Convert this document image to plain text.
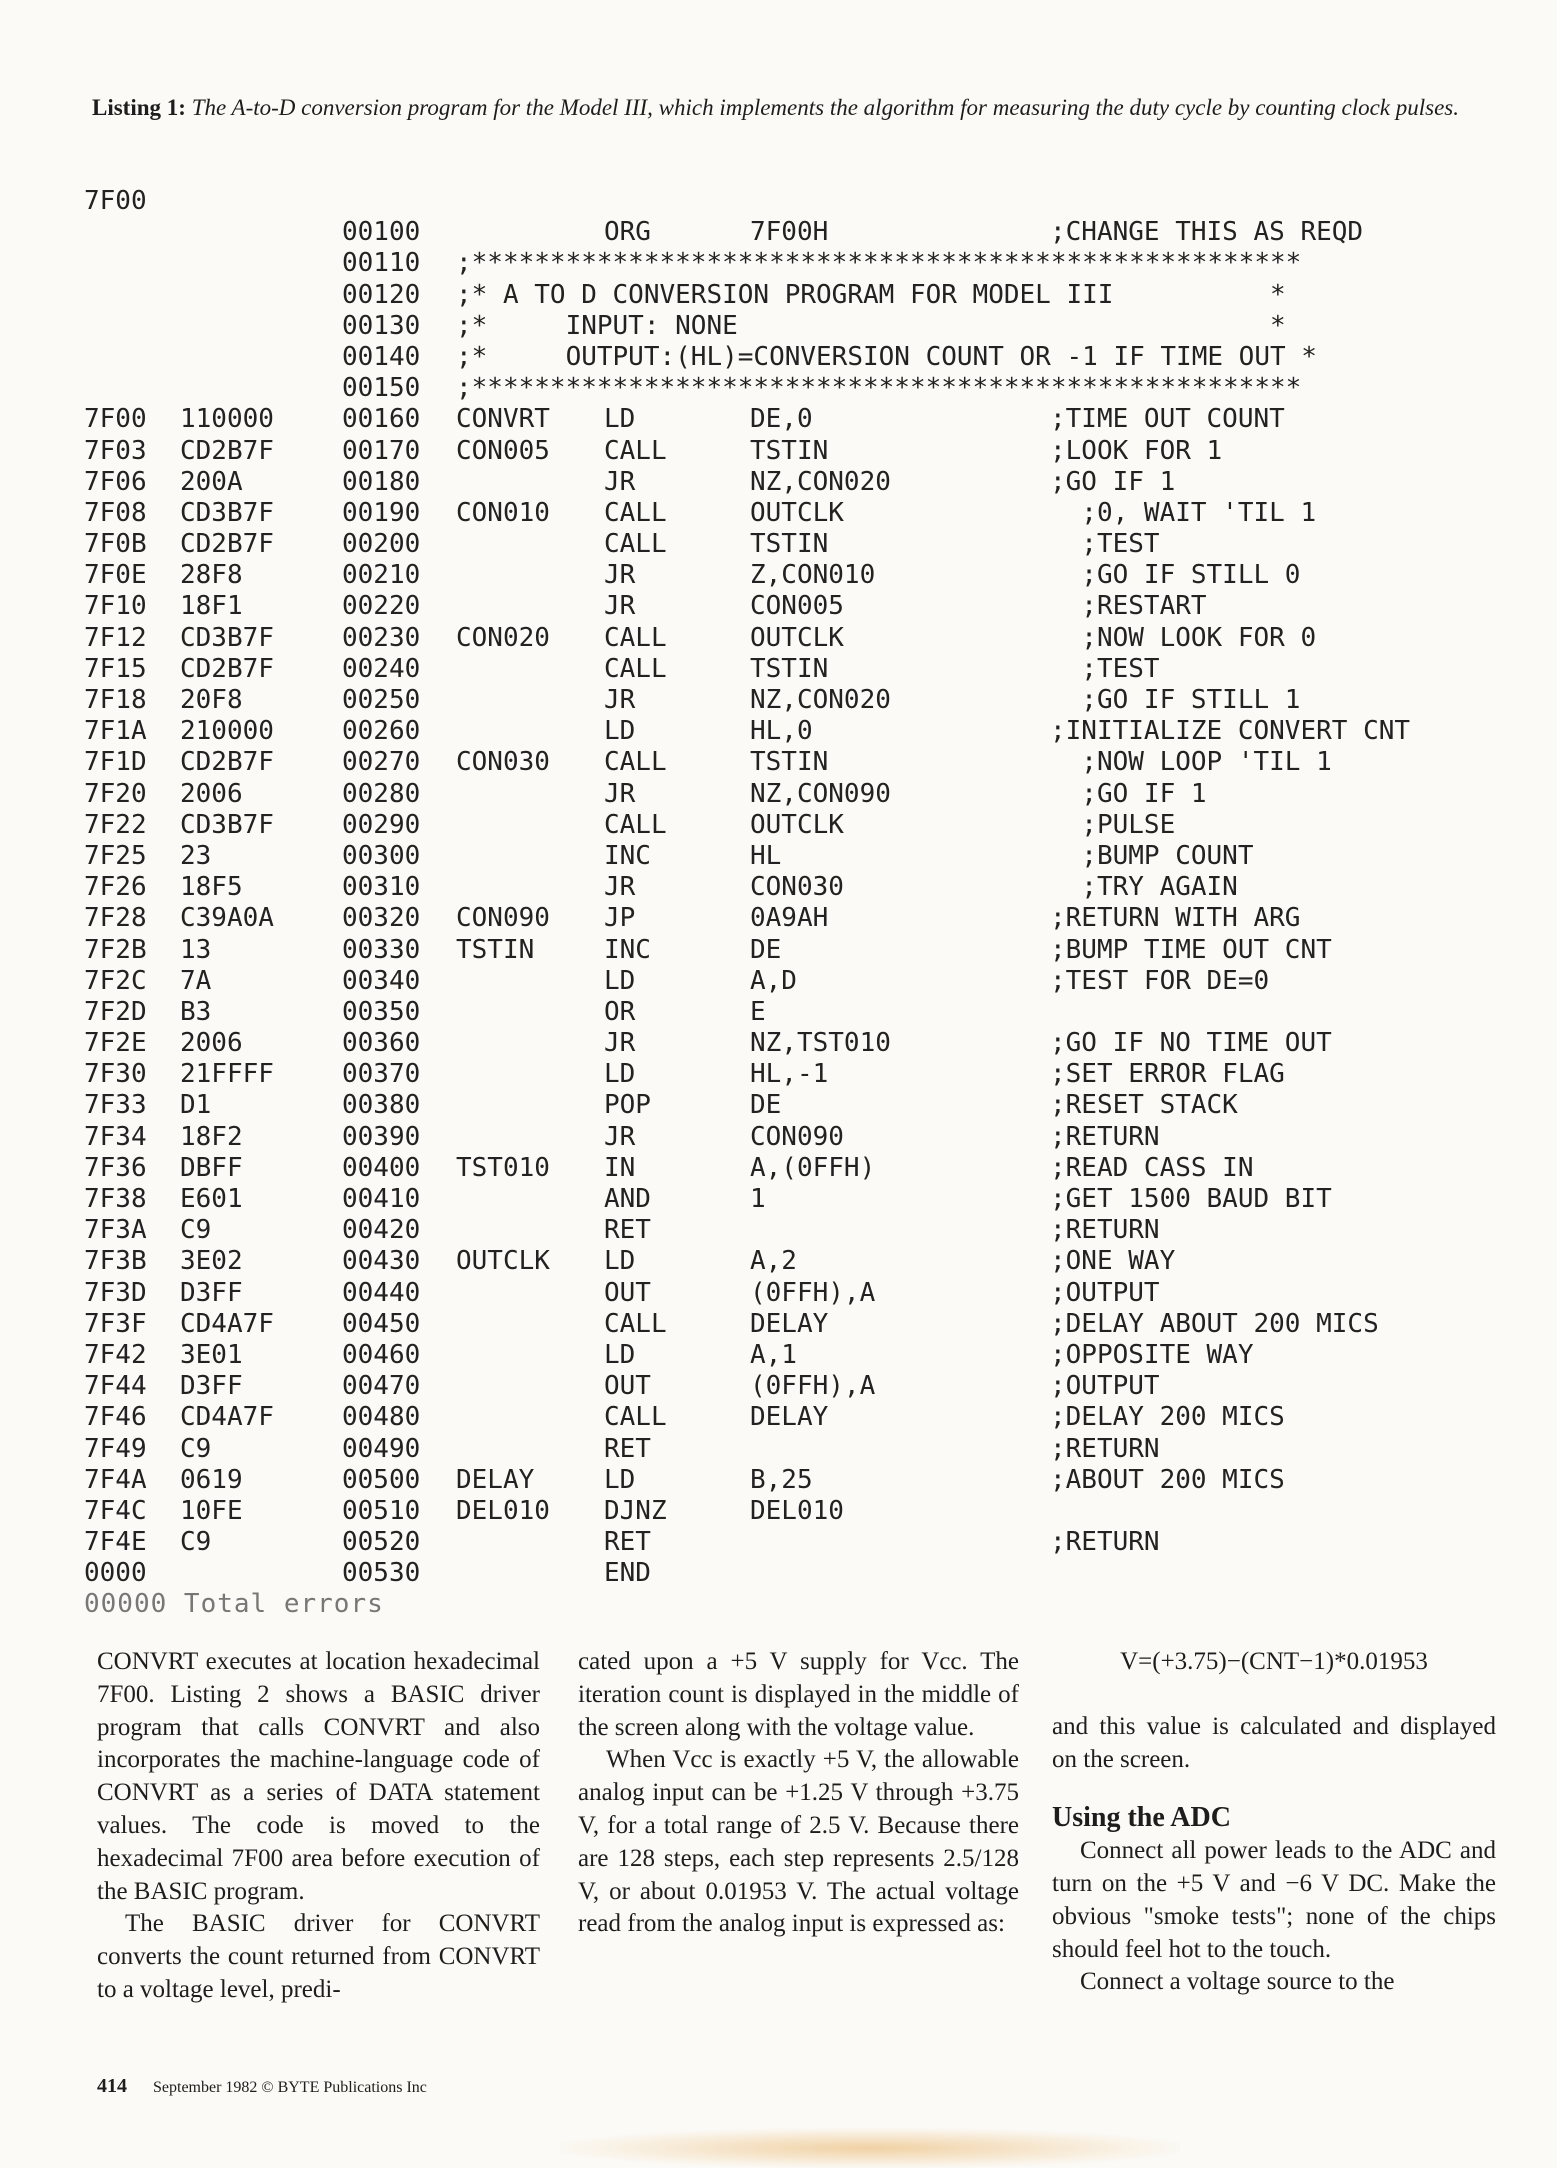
Listing 1: The A-to-D conversion program for the Model III, which implements the algorithm for measuring the duty cycle by counting clock pulses.

7F00

00100	ORG	7F00H	;CHANGE THIS AS REQD
00110 ;*****************************************************
00120 ;* A TO D CONVERSION PROGRAM FOR MODEL III          *
00130 ;*     INPUT: NONE                                  *
00140 ;*     OUTPUT:(HL)=CONVERSION COUNT OR -1 IF TIME OUT *
00150 ;*****************************************************
7F00 110000	00160 CONVRT LD	DE,0	;TIME OUT COUNT
7F03 CD2B7F	00170 CON005 CALL	TSTIN	;LOOK FOR 1
7F06 200A	00180	JR	NZ,CON020	;GO IF 1
7F08 CD3B7F	00190 CON010 CALL	OUTCLK	;0, WAIT 'TIL 1
7F0B CD2B7F	00200	CALL	TSTIN	;TEST
7F0E 28F8	00210	JR	Z,CON010	;GO IF STILL 0
7F10 18F1	00220	JR	CON005	;RESTART
7F12 CD3B7F	00230 CON020 CALL	OUTCLK	;NOW LOOK FOR 0
7F15 CD2B7F	00240	CALL	TSTIN	;TEST
7F18 20F8	00250	JR	NZ,CON020	;GO IF STILL 1
7F1A 210000	00260	LD	HL,0	;INITIALIZE CONVERT CNT
7F1D CD2B7F	00270 CON030 CALL	TSTIN	;NOW LOOP 'TIL 1
7F20 2006	00280	JR	NZ,CON090	;GO IF 1
7F22 CD3B7F	00290	CALL	OUTCLK	;PULSE
7F25 23	00300	INC	HL	;BUMP COUNT
7F26 18F5	00310	JR	CON030	;TRY AGAIN
7F28 C39A0A	00320 CON090 JP	0A9AH	;RETURN WITH ARG
7F2B 13	00330 TSTIN	INC	DE	;BUMP TIME OUT CNT
7F2C 7A	00340	LD	A,D	;TEST FOR DE=0
7F2D B3	00350	OR	E
7F2E 2006	00360	JR	NZ,TST010	;GO IF NO TIME OUT
7F30 21FFFF	00370	LD	HL,-1	;SET ERROR FLAG
7F33 D1	00380	POP	DE	;RESET STACK
7F34 18F2	00390	JR	CON090	;RETURN
7F36 DBFF	00400 TST010 IN	A,(0FFH)	;READ CASS IN
7F38 E601	00410	AND	1	;GET 1500 BAUD BIT
7F3A C9	00420	RET	;RETURN
7F3B 3E02	00430 OUTCLK LD	A,2	;ONE WAY
7F3D D3FF	00440	OUT	(0FFH),A	;OUTPUT
7F3F CD4A7F	00450	CALL	DELAY	;DELAY ABOUT 200 MICS
7F42 3E01	00460	LD	A,1	;OPPOSITE WAY
7F44 D3FF	00470	OUT	(0FFH),A	;OUTPUT
7F46 CD4A7F	00480	CALL	DELAY	;DELAY 200 MICS
7F49 C9	00490	RET	;RETURN
7F4A 0619	00500 DELAY	LD	B,25	;ABOUT 200 MICS
7F4C 10FE	00510 DEL010 DJNZ	DEL010
7F4E C9	00520	RET	;RETURN
0000	00530	END
00000 Total errors

CONVRT executes at location hexadecimal 7F00. Listing 2 shows a BASIC driver program that calls CONVRT and also incorporates the machine-language code of CONVRT as a series of DATA statement values. The code is moved to the hexadecimal 7F00 area before execution of the BASIC program.

The BASIC driver for CONVRT converts the count returned from CONVRT to a voltage level, predi-

cated upon a +5 V supply for Vcc. The iteration count is displayed in the middle of the screen along with the voltage value.

When Vcc is exactly +5 V, the allowable analog input can be +1.25 V through +3.75 V, for a total range of 2.5 V. Because there are 128 steps, each step represents 2.5/128 V, or about 0.01953 V. The actual voltage read from the analog input is expressed as:

V=(+3.75)−(CNT−1)*0.01953

and this value is calculated and displayed on the screen.

Using the ADC

Connect all power leads to the ADC and turn on the +5 V and −6 V DC. Make the obvious "smoke tests"; none of the chips should feel hot to the touch.

Connect a voltage source to the

414 September 1982 © BYTE Publications Inc
